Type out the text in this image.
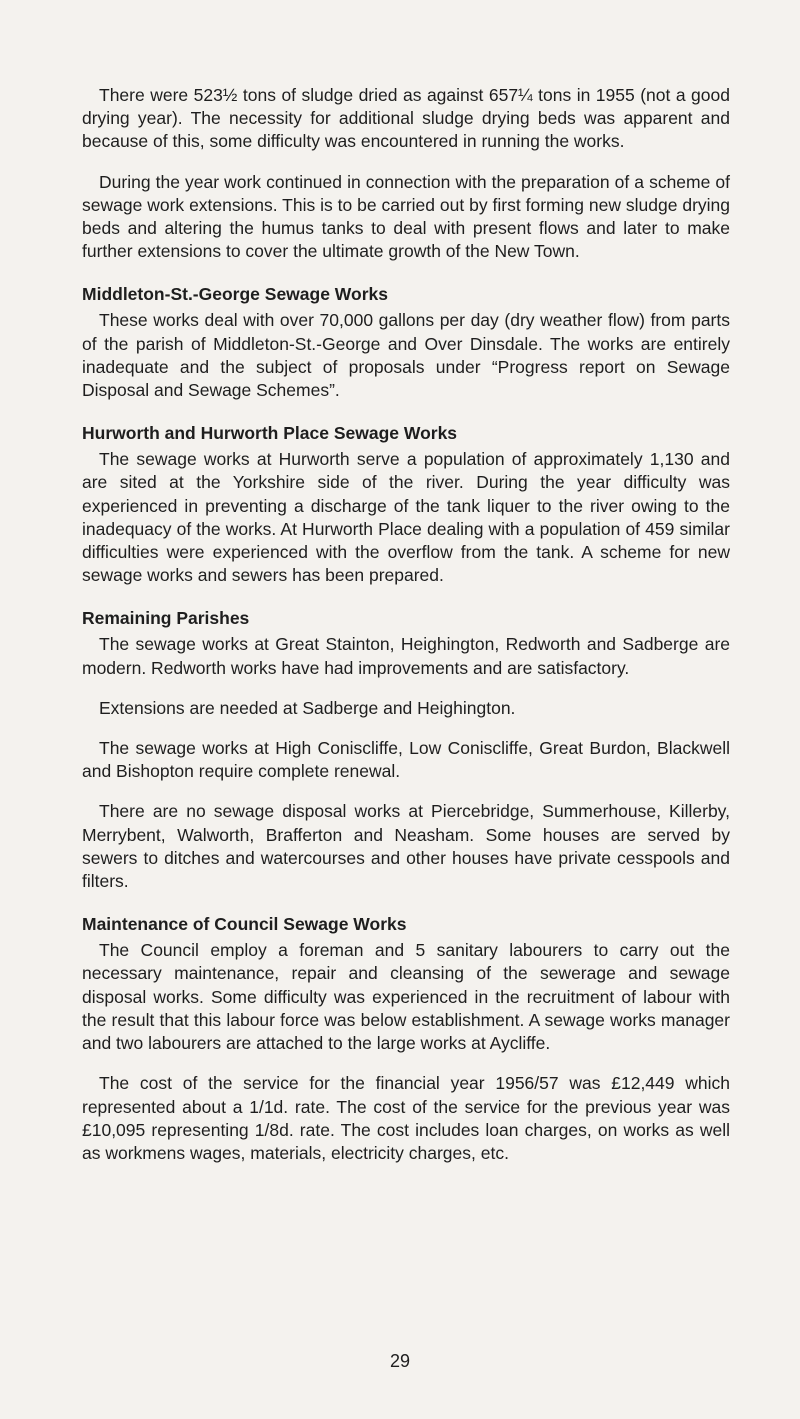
There were 523½ tons of sludge dried as against 657¼ tons in 1955 (not a good drying year). The necessity for additional sludge drying beds was apparent and because of this, some difficulty was encountered in running the works.

During the year work continued in connection with the preparation of a scheme of sewage work extensions. This is to be carried out by first forming new sludge drying beds and altering the humus tanks to deal with present flows and later to make further extensions to cover the ultimate growth of the New Town.

Middleton-St.-George Sewage Works

These works deal with over 70,000 gallons per day (dry weather flow) from parts of the parish of Middleton-St.-George and Over Dinsdale. The works are entirely inadequate and the subject of proposals under “Progress report on Sewage Disposal and Sewage Schemes”.

Hurworth and Hurworth Place Sewage Works

The sewage works at Hurworth serve a population of approximately 1,130 and are sited at the Yorkshire side of the river. During the year difficulty was experienced in preventing a discharge of the tank liquer to the river owing to the inadequacy of the works. At Hurworth Place dealing with a population of 459 similar difficulties were experienced with the overflow from the tank. A scheme for new sewage works and sewers has been prepared.

Remaining Parishes

The sewage works at Great Stainton, Heighington, Redworth and Sadberge are modern. Redworth works have had improvements and are satisfactory.

Extensions are needed at Sadberge and Heighington.

The sewage works at High Coniscliffe, Low Coniscliffe, Great Burdon, Blackwell and Bishopton require complete renewal.

There are no sewage disposal works at Piercebridge, Summerhouse, Killerby, Merrybent, Walworth, Brafferton and Neasham. Some houses are served by sewers to ditches and watercourses and other houses have private cesspools and filters.

Maintenance of Council Sewage Works

The Council employ a foreman and 5 sanitary labourers to carry out the necessary maintenance, repair and cleansing of the sewerage and sewage disposal works. Some difficulty was experienced in the recruitment of labour with the result that this labour force was below establishment. A sewage works manager and two labourers are attached to the large works at Aycliffe.

The cost of the service for the financial year 1956/57 was £12,449 which represented about a 1/1d. rate. The cost of the service for the previous year was £10,095 representing 1/8d. rate. The cost includes loan charges, on works as well as workmens wages, materials, electricity charges, etc.

29
